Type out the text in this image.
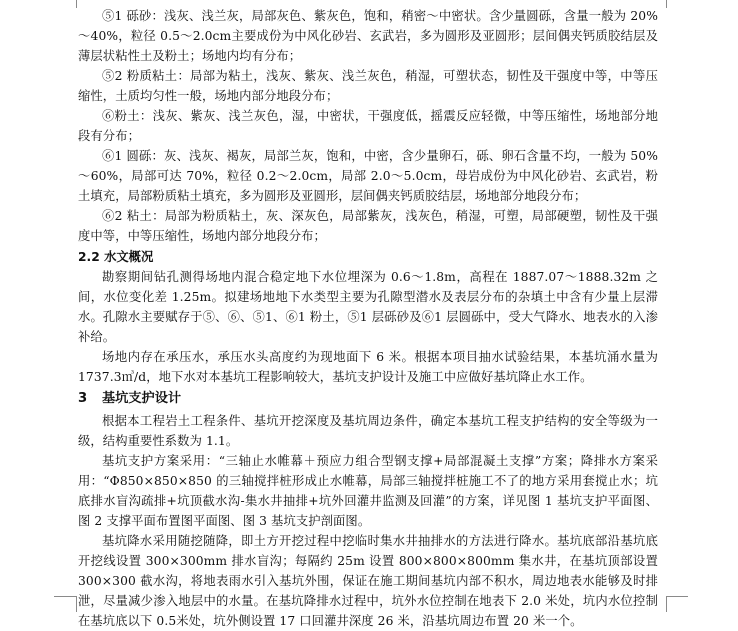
⑤1 砾砂：浅灰、浅兰灰，局部灰色、紫灰色，饱和，稍密～中密状。含少量圆砾，含量一般为 20%～40%，粒径 0.5～2.0cm主要成份为中风化砂岩、玄武岩，多为圆形及亚圆形；层间偶夹钙质胶结层及薄层状粘性土及粉土；场地内均有分布；

⑤2 粉质粘土：局部为粘土，浅灰、紫灰、浅兰灰色，稍湿，可塑状态，韧性及干强度中等，中等压缩性，土质均匀性一般，场地内部分地段分布；

⑥粉土：浅灰、紫灰、浅兰灰色，湿，中密状，干强度低，摇震反应轻微，中等压缩性，场地部分地段有分布；

⑥1 圆砾：灰、浅灰、褐灰，局部兰灰，饱和，中密，含少量卵石，砾、卵石含量不均，一般为 50%～60%，局部可达 70%，粒径 0.2～2.0cm，局部 2.0～5.0cm，母岩成份为中风化砂岩、玄武岩，粉土填充，局部粉质粘土填充，多为圆形及亚圆形，层间偶夹钙质胶结层，场地部分地段分布；

⑥2 粘土：局部为粉质粘土，灰、深灰色，局部紫灰，浅灰色，稍湿，可塑，局部硬塑，韧性及干强度中等，中等压缩性，场地内部分地段分布；

2.2 水文概况

勘察期间钻孔测得场地内混合稳定地下水位埋深为 0.6～1.8m，高程在 1887.07～1888.32m 之间，水位变化差 1.25m。拟建场地地下水类型主要为孔隙型潜水及表层分布的杂填土中含有少量上层滞水。孔隙水主要赋存于⑤、⑥、⑤1、⑥1 粉土，⑤1 层砾砂及⑥1 层圆砾中，受大气降水、地表水的入渗补给。

场地内存在承压水，承压水头高度约为现地面下 6 米。根据本项目抽水试验结果，本基坑涌水量为 1737.3㎥/d，地下水对本基坑工程影响较大，基坑支护设计及施工中应做好基坑降止水工作。

3 基坑支护设计

根据本工程岩土工程条件、基坑开挖深度及基坑周边条件，确定本基坑工程支护结构的安全等级为一级，结构重要性系数为 1.1。

基坑支护方案采用：“三轴止水帷幕＋预应力组合型钢支撑+局部混凝土支撑”方案；降排水方案采用：“Φ850×850×850 的三轴搅拌桩形成止水帷幕，局部三轴搅拌桩施工不了的地方采用套搅止水；坑底排水盲沟疏排+坑顶截水沟-集水井抽排+坑外回灌井监测及回灌”的方案，详见图 1 基坑支护平面图、图 2 支撑平面布置图平面图、图 3 基坑支护剖面图。

基坑降水采用随挖随降，即土方开挖过程中挖临时集水井抽排水的方法进行降水。基坑底部沿基坑底开挖线设置 300×300mm 排水盲沟；每隔约 25m 设置 800×800×800mm 集水井，在基坑顶部设置 300×300 截水沟，将地表雨水引入基坑外围，保证在施工期间基坑内部不积水，周边地表水能够及时排泄，尽量减少渗入地层中的水量。在基坑降排水过程中，坑外水位控制在地表下 2.0 米处，坑内水位控制在基坑底以下 0.5米处，坑外侧设置 17 口回灌井深度 26 米，沿基坑周边布置 20 米一个。
